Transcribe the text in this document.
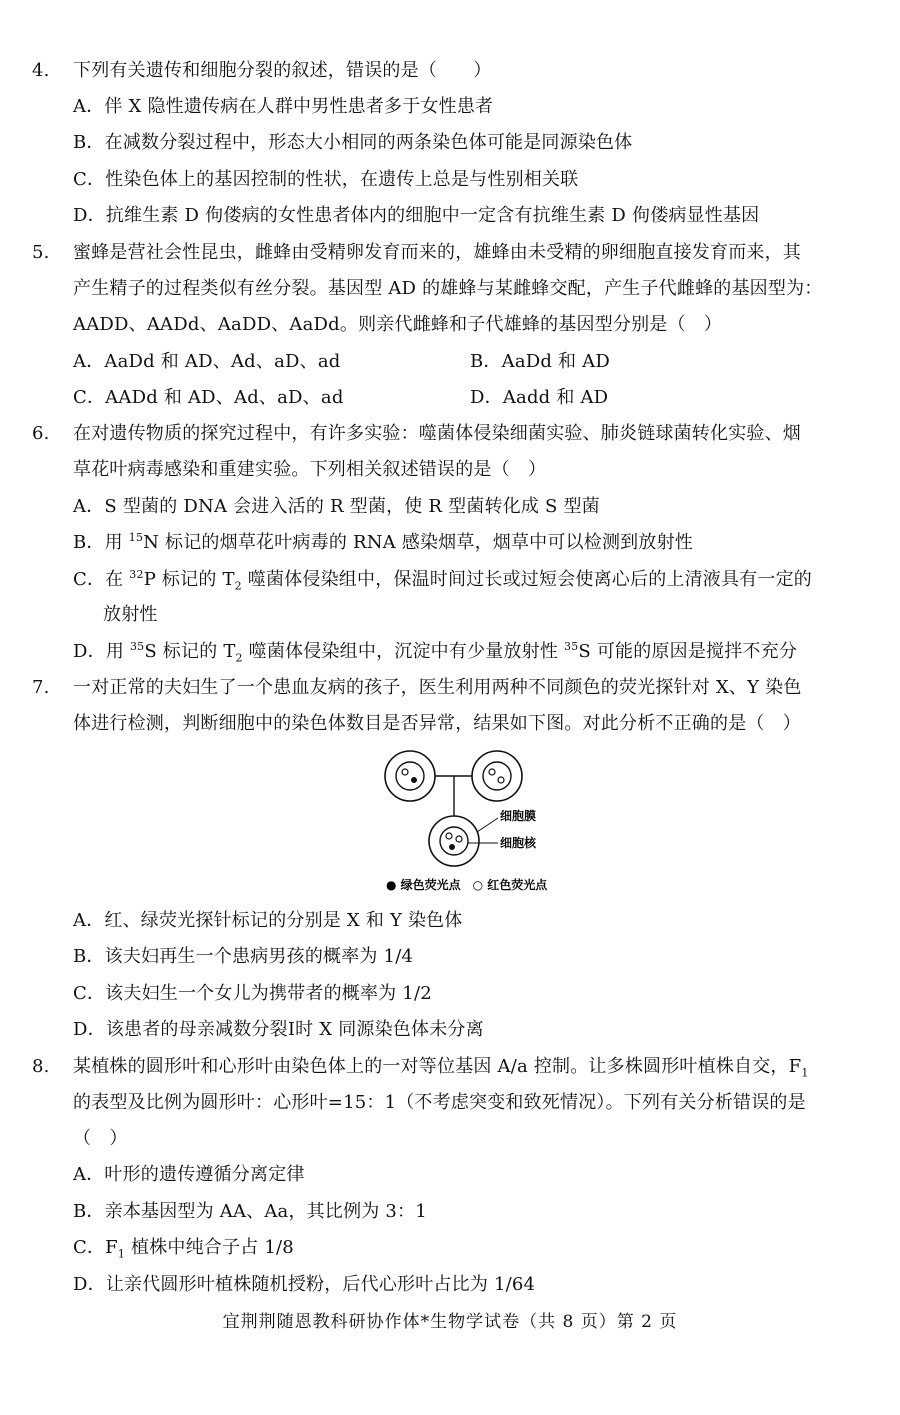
4. 下列有关遗传和细胞分裂的叙述，错误的是（　　）
A．伴 X 隐性遗传病在人群中男性患者多于女性患者
B．在减数分裂过程中，形态大小相同的两条染色体可能是同源染色体
C．性染色体上的基因控制的性状，在遗传上总是与性别相关联
D．抗维生素 D 佝偻病的女性患者体内的细胞中一定含有抗维生素 D 佝偻病显性基因
5. 蜜蜂是营社会性昆虫，雌蜂由受精卵发育而来的，雄蜂由未受精的卵细胞直接发育而来，其
产生精子的过程类似有丝分裂。基因型 AD 的雄蜂与某雌蜂交配，产生子代雌蜂的基因型为：
AADD、AADd、AaDD、AaDd。则亲代雌蜂和子代雄蜂的基因型分别是（　）
A．AaDd 和 AD、Ad、aD、ad	B．AaDd 和 AD
C．AADd 和 AD、Ad、aD、ad	D．Aadd 和 AD
6. 在对遗传物质的探究过程中，有许多实验：噬菌体侵染细菌实验、肺炎链球菌转化实验、烟
草花叶病毒感染和重建实验。下列相关叙述错误的是（　）
A．S 型菌的 DNA 会进入活的 R 型菌，使 R 型菌转化成 S 型菌
B．用 $^{15}$N 标记的烟草花叶病毒的 RNA 感染烟草，烟草中可以检测到放射性
C．在 $^{32}$P 标记的 $T_2$ 噬菌体侵染组中，保温时间过长或过短会使离心后的上清液具有一定的
放射性
D．用 $^{35}$S 标记的 $T_2$ 噬菌体侵染组中，沉淀中有少量放射性 $^{35}$S 可能的原因是搅拌不充分
7. 一对正常的夫妇生了一个患血友病的孩子，医生利用两种不同颜色的荧光探针对 X、Y 染色
体进行检测，判断细胞中的染色体数目是否异常，结果如下图。对此分析不正确的是（　）
细胞膜
细胞核
● 绿色荧光点　○ 红色荧光点
A．红、绿荧光探针标记的分别是 X 和 Y 染色体
B．该夫妇再生一个患病男孩的概率为 1/4
C．该夫妇生一个女儿为携带者的概率为 1/2
D．该患者的母亲减数分裂Ⅰ时 X 同源染色体未分离
8. 某植株的圆形叶和心形叶由染色体上的一对等位基因 A/a 控制。让多株圆形叶植株自交，$F_1$
的表型及比例为圆形叶：心形叶=15：1（不考虑突变和致死情况）。下列有关分析错误的是
（　）
A．叶形的遗传遵循分离定律
B．亲本基因型为 AA、Aa，其比例为 3：1
C．$F_1$ 植株中纯合子占 1/8
D．让亲代圆形叶植株随机授粉，后代心形叶占比为 1/64
宜荆荆随恩教科研协作体*生物学试卷（共 8 页）第 2 页
